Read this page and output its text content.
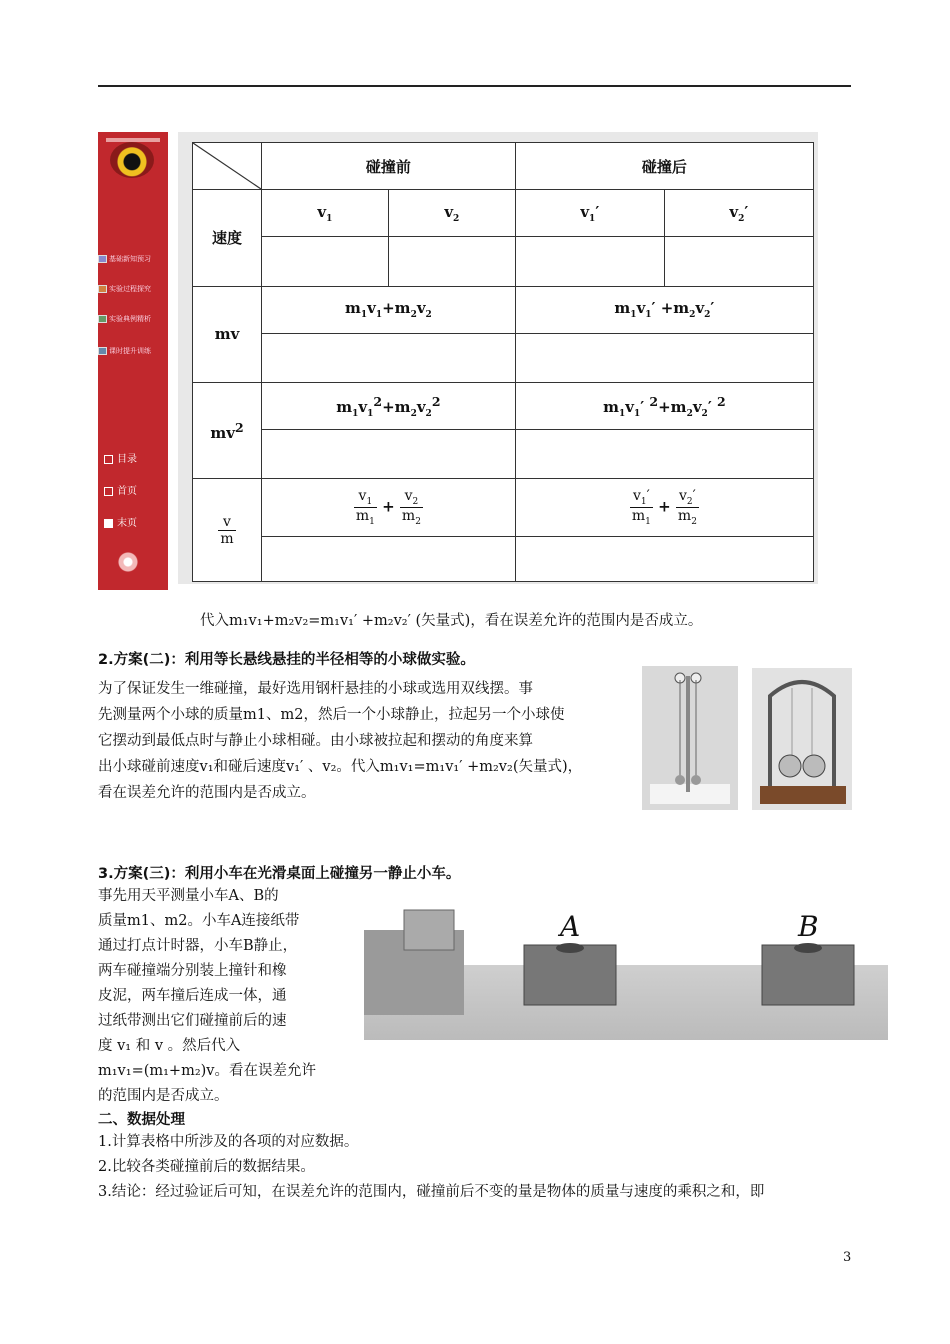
基础新知预习
实验过程探究
实验典例精析
课时提升训练
目录
首页
末页
	碰撞前		碰撞后	
速度	$v_1$	$v_2$	$v_1'$	$v_2'$

mv	$m_1v_1+m_2v_2$		$m_1v_1' +m_2v_2'$	

$mv^2$	$m_1v_1^2+m_2v_2^2$		$m_1v_1'$ $^2+m_2v_2'$ $^2$

$\frac{v}{m}$	$\frac{v_1}{m_1} + \frac{v_2}{m_2}$		$\frac{v_1'}{m_1} + \frac{v_2'}{m_2}$

代入m₁v₁+m₂v₂=m₁v₁′ +m₂v₂′ (矢量式)，看在误差允许的范围内是否成立。
2.方案(二)：利用等长悬线悬挂的半径相等的小球做实验。
为了保证发生一维碰撞，最好选用钢杆悬挂的小球或选用双线摆。事
先测量两个小球的质量m1、m2，然后一个小球静止，拉起另一个小球使
它摆动到最低点时与静止小球相碰。由小球被拉起和摆动的角度来算
出小球碰前速度v₁和碰后速度v₁′ 、v₂。代入m₁v₁=m₁v₁′ +m₂v₂(矢量式)，
看在误差允许的范围内是否成立。
3.方案(三)：利用小车在光滑桌面上碰撞另一静止小车。
事先用天平测量小车A、B的
质量m1、m2。小车A连接纸带
通过打点计时器，小车B静止，
两车碰撞端分别装上撞针和橡
皮泥，两车撞后连成一体，通
过纸带测出它们碰撞前后的速
度 v₁ 和 v 。然后代入
m₁v₁=(m₁+m₂)v。看在误差允许
的范围内是否成立。
A	B
二、数据处理
1.计算表格中所涉及的各项的对应数据。
2.比较各类碰撞前后的数据结果。
3.结论：经过验证后可知，在误差允许的范围内，碰撞前后不变的量是物体的质量与速度的乘积之和，即
3
